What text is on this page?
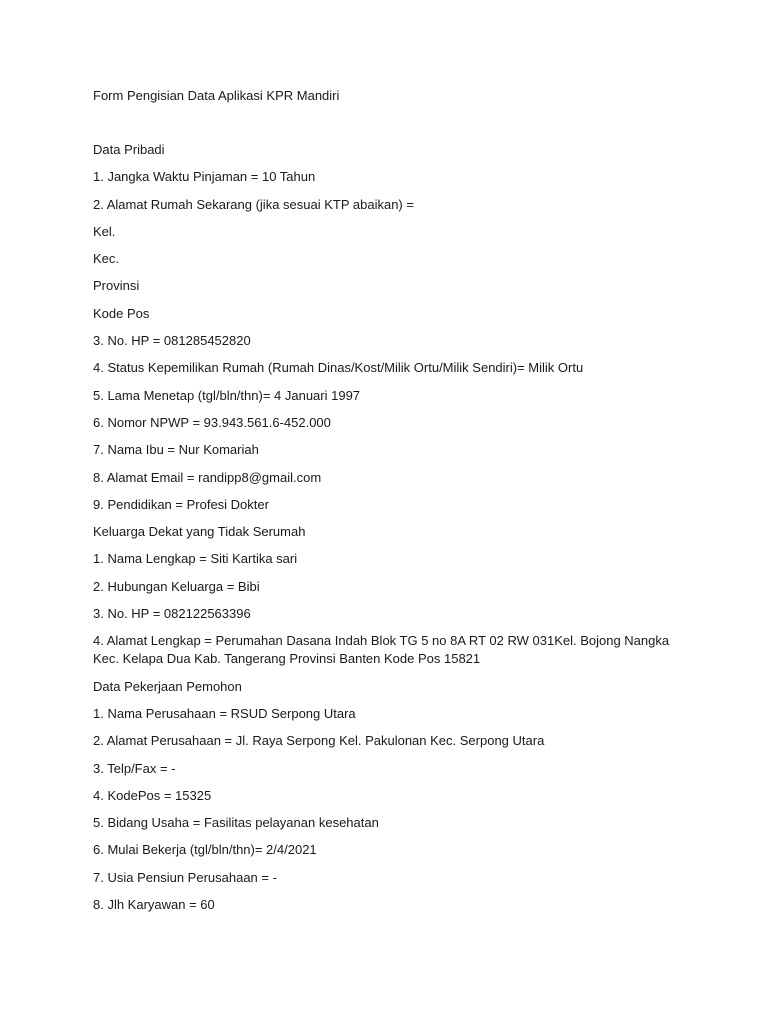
Form Pengisian Data Aplikasi KPR Mandiri

Data Pribadi

1. Jangka Waktu Pinjaman = 10 Tahun

2. Alamat Rumah Sekarang (jika sesuai KTP abaikan) =

Kel.

Kec.

Provinsi

Kode Pos

3. No. HP = 081285452820

4. Status Kepemilikan Rumah (Rumah Dinas/Kost/Milik Ortu/Milik Sendiri)= Milik Ortu

5. Lama Menetap (tgl/bln/thn)= 4 Januari 1997

6. Nomor NPWP = 93.943.561.6-452.000

7. Nama Ibu = Nur Komariah

8. Alamat Email = randipp8@gmail.com

9. Pendidikan = Profesi Dokter

Keluarga Dekat yang Tidak Serumah

1. Nama Lengkap = Siti Kartika sari

2. Hubungan Keluarga = Bibi

3. No. HP = 082122563396

4. Alamat Lengkap = Perumahan Dasana Indah Blok TG 5 no 8A RT 02 RW 031Kel. Bojong Nangka Kec. Kelapa Dua Kab. Tangerang Provinsi Banten Kode Pos 15821

Data Pekerjaan Pemohon

1. Nama Perusahaan = RSUD Serpong Utara

2. Alamat Perusahaan = Jl. Raya Serpong Kel. Pakulonan Kec. Serpong Utara

3. Telp/Fax = -

4. KodePos = 15325

5. Bidang Usaha = Fasilitas pelayanan kesehatan

6. Mulai Bekerja (tgl/bln/thn)= 2/4/2021

7. Usia Pensiun Perusahaan = -

8. Jlh Karyawan = 60
